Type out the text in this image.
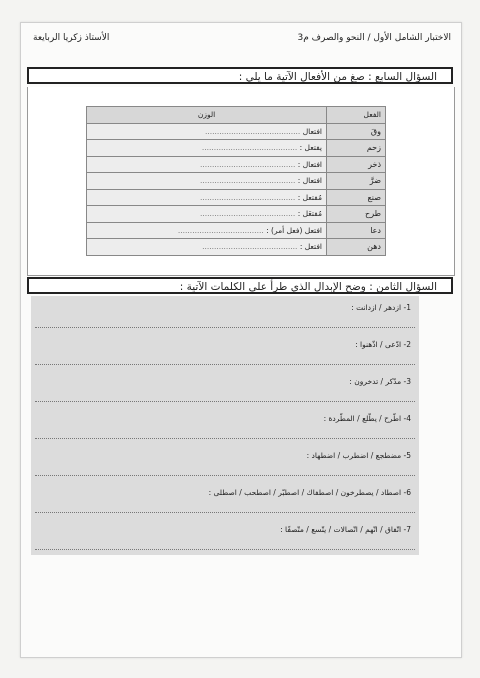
الاختبار الشامل الأول / النحو والصرف م3
الأستاذ زكريا الربايعة
السؤال السابع : صغ من الأفعال الآتية ما يلي :
الفعل	الوزن
وقَ	افتعال ........................................
زحم	يفتعل : ........................................
ذخر	افتعال : ........................................
ضرَّ	افتعال : ........................................
صنع	مُفتعل : ........................................
طرح	مُفتعَل : ........................................
دعا	افتعل (فعل أمر) : ....................................
دهن	افتعل : ........................................
السؤال الثامن : وضح الإبدال الذي طرأ على الكلمات الآتية :
1- ازدهر / ازدانت :
2- ادّعى / اذّهنوا :
3- مدّكر / تدخرون :
4- اطّرح / يطّلع / المطّردة :
5- مضطجع / اضطرب / اضطهاد :
6- اصطاد / يصطرخون / اصطفاك / اصطبّر / اصطحب / اصطلى :
7- اتّفاق / اتّهم / اتّصالات / يتّسع / متّصفًا :
